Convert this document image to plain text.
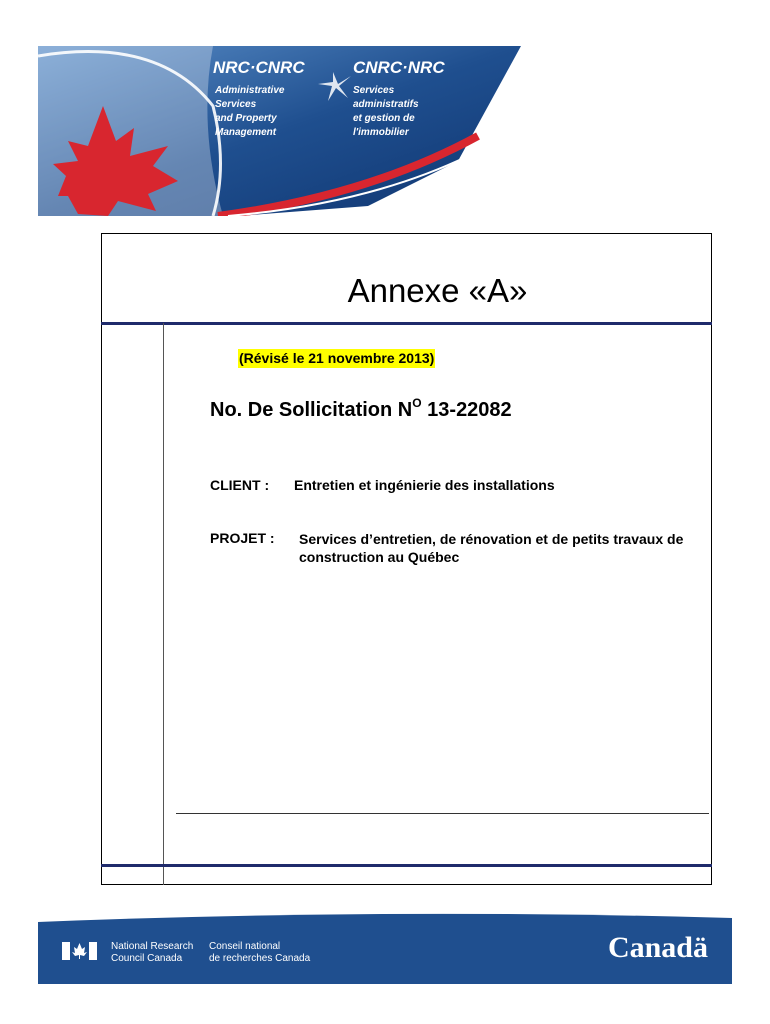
NRC·CNRC	CNRC·NRC
Administrative
Services
and Property
Management
Services
administratifs
et gestion de
l'immobilier
Annexe «A»
(Révisé le 21 novembre 2013)
No. De Sollicitation $N^O$ 13-22082
CLIENT : Entretien et ingénierie des installations
PROJET : Services d’entretien, de rénovation et de petits travaux de construction au Québec
National Research
Council Canada
Conseil national
de recherches Canada	Canadä
